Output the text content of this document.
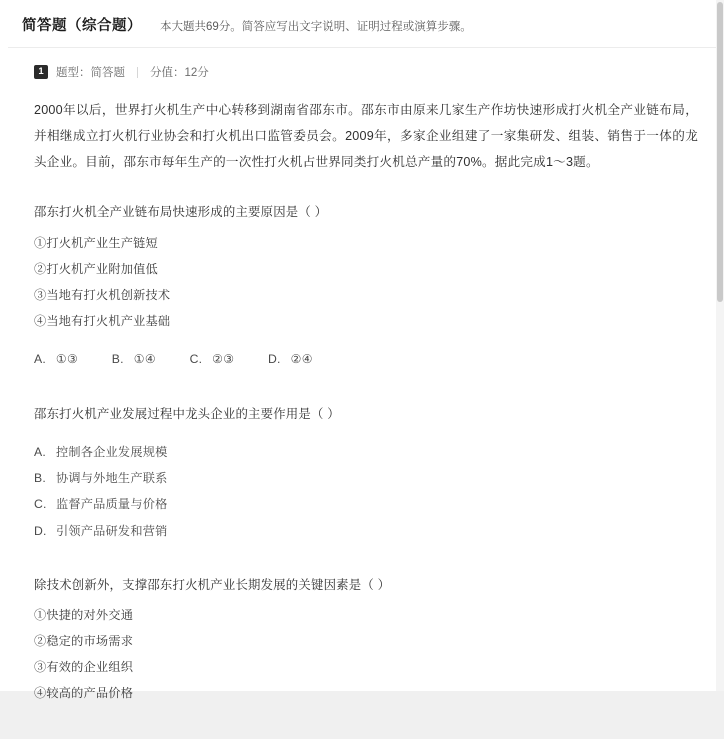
简答题（综合题） 本大题共69分。简答应写出文字说明、证明过程或演算步骤。
1	题型：简答题 分值：12分
2000年以后，世界打火机生产中心转移到湖南省邵东市。邵东市由原来几家生产作坊快速形成打火机全产业链布局，并相继成立打火机行业协会和打火机出口监管委员会。2009年，多家企业组建了一家集研发、组装、销售于一体的龙头企业。目前，邵东市每年生产的一次性打火机占世界同类打火机总产量的70%。据此完成1～3题。
邵东打火机全产业链布局快速形成的主要原因是（ ）
①打火机产业生产链短
②打火机产业附加值低
③当地有打火机创新技术
④当地有打火机产业基础
A. ①③	B. ①④	C. ②③	D. ②④
邵东打火机产业发展过程中龙头企业的主要作用是（ ）
A. 控制各企业发展规模
B. 协调与外地生产联系
C. 监督产品质量与价格
D. 引领产品研发和营销
除技术创新外，支撑邵东打火机产业长期发展的关键因素是（ ）
①快捷的对外交通
②稳定的市场需求
③有效的企业组织
④较高的产品价格
